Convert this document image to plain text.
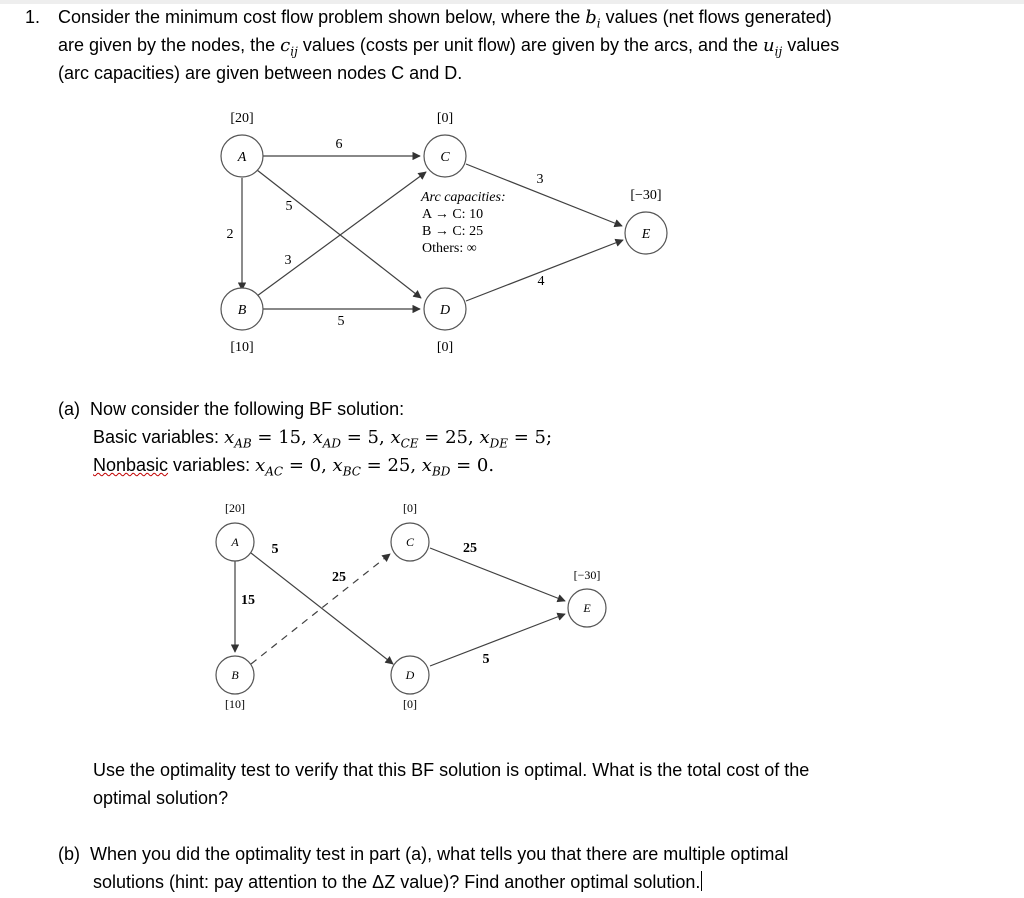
1. Consider the minimum cost flow problem shown below, where the $b_i$ values (net flows generated)
are given by the nodes, the $c_{ij}$ values (costs per unit flow) are given by the arcs, and the $u_{ij}$ values
(arc capacities) are given between nodes C and D.
A
B
C
D
E
[20]
[10]
[0]
[0]
[−30]
6
2
5
3
5
3
4
Arc capacities:
A → C: 10
B → C: 25
Others: ∞
(a) Now consider the following BF solution:
Basic variables: $x_{AB} = 15$, $x_{AD} = 5$, $x_{CE} = 25$, $x_{DE} = 5$;
Nonbasic variables: $x_{AC} = 0$, $x_{BC} = 25$, $x_{BD} = 0$.
A
B
C
D
E
[20]
[10]
[0]
[0]
[−30]
15
5
25
25
5
Use the optimality test to verify that this BF solution is optimal. What is the total cost of the
optimal solution?
(b) When you did the optimality test in part (a), what tells you that there are multiple optimal
solutions (hint: pay attention to the ΔZ value)? Find another optimal solution.
